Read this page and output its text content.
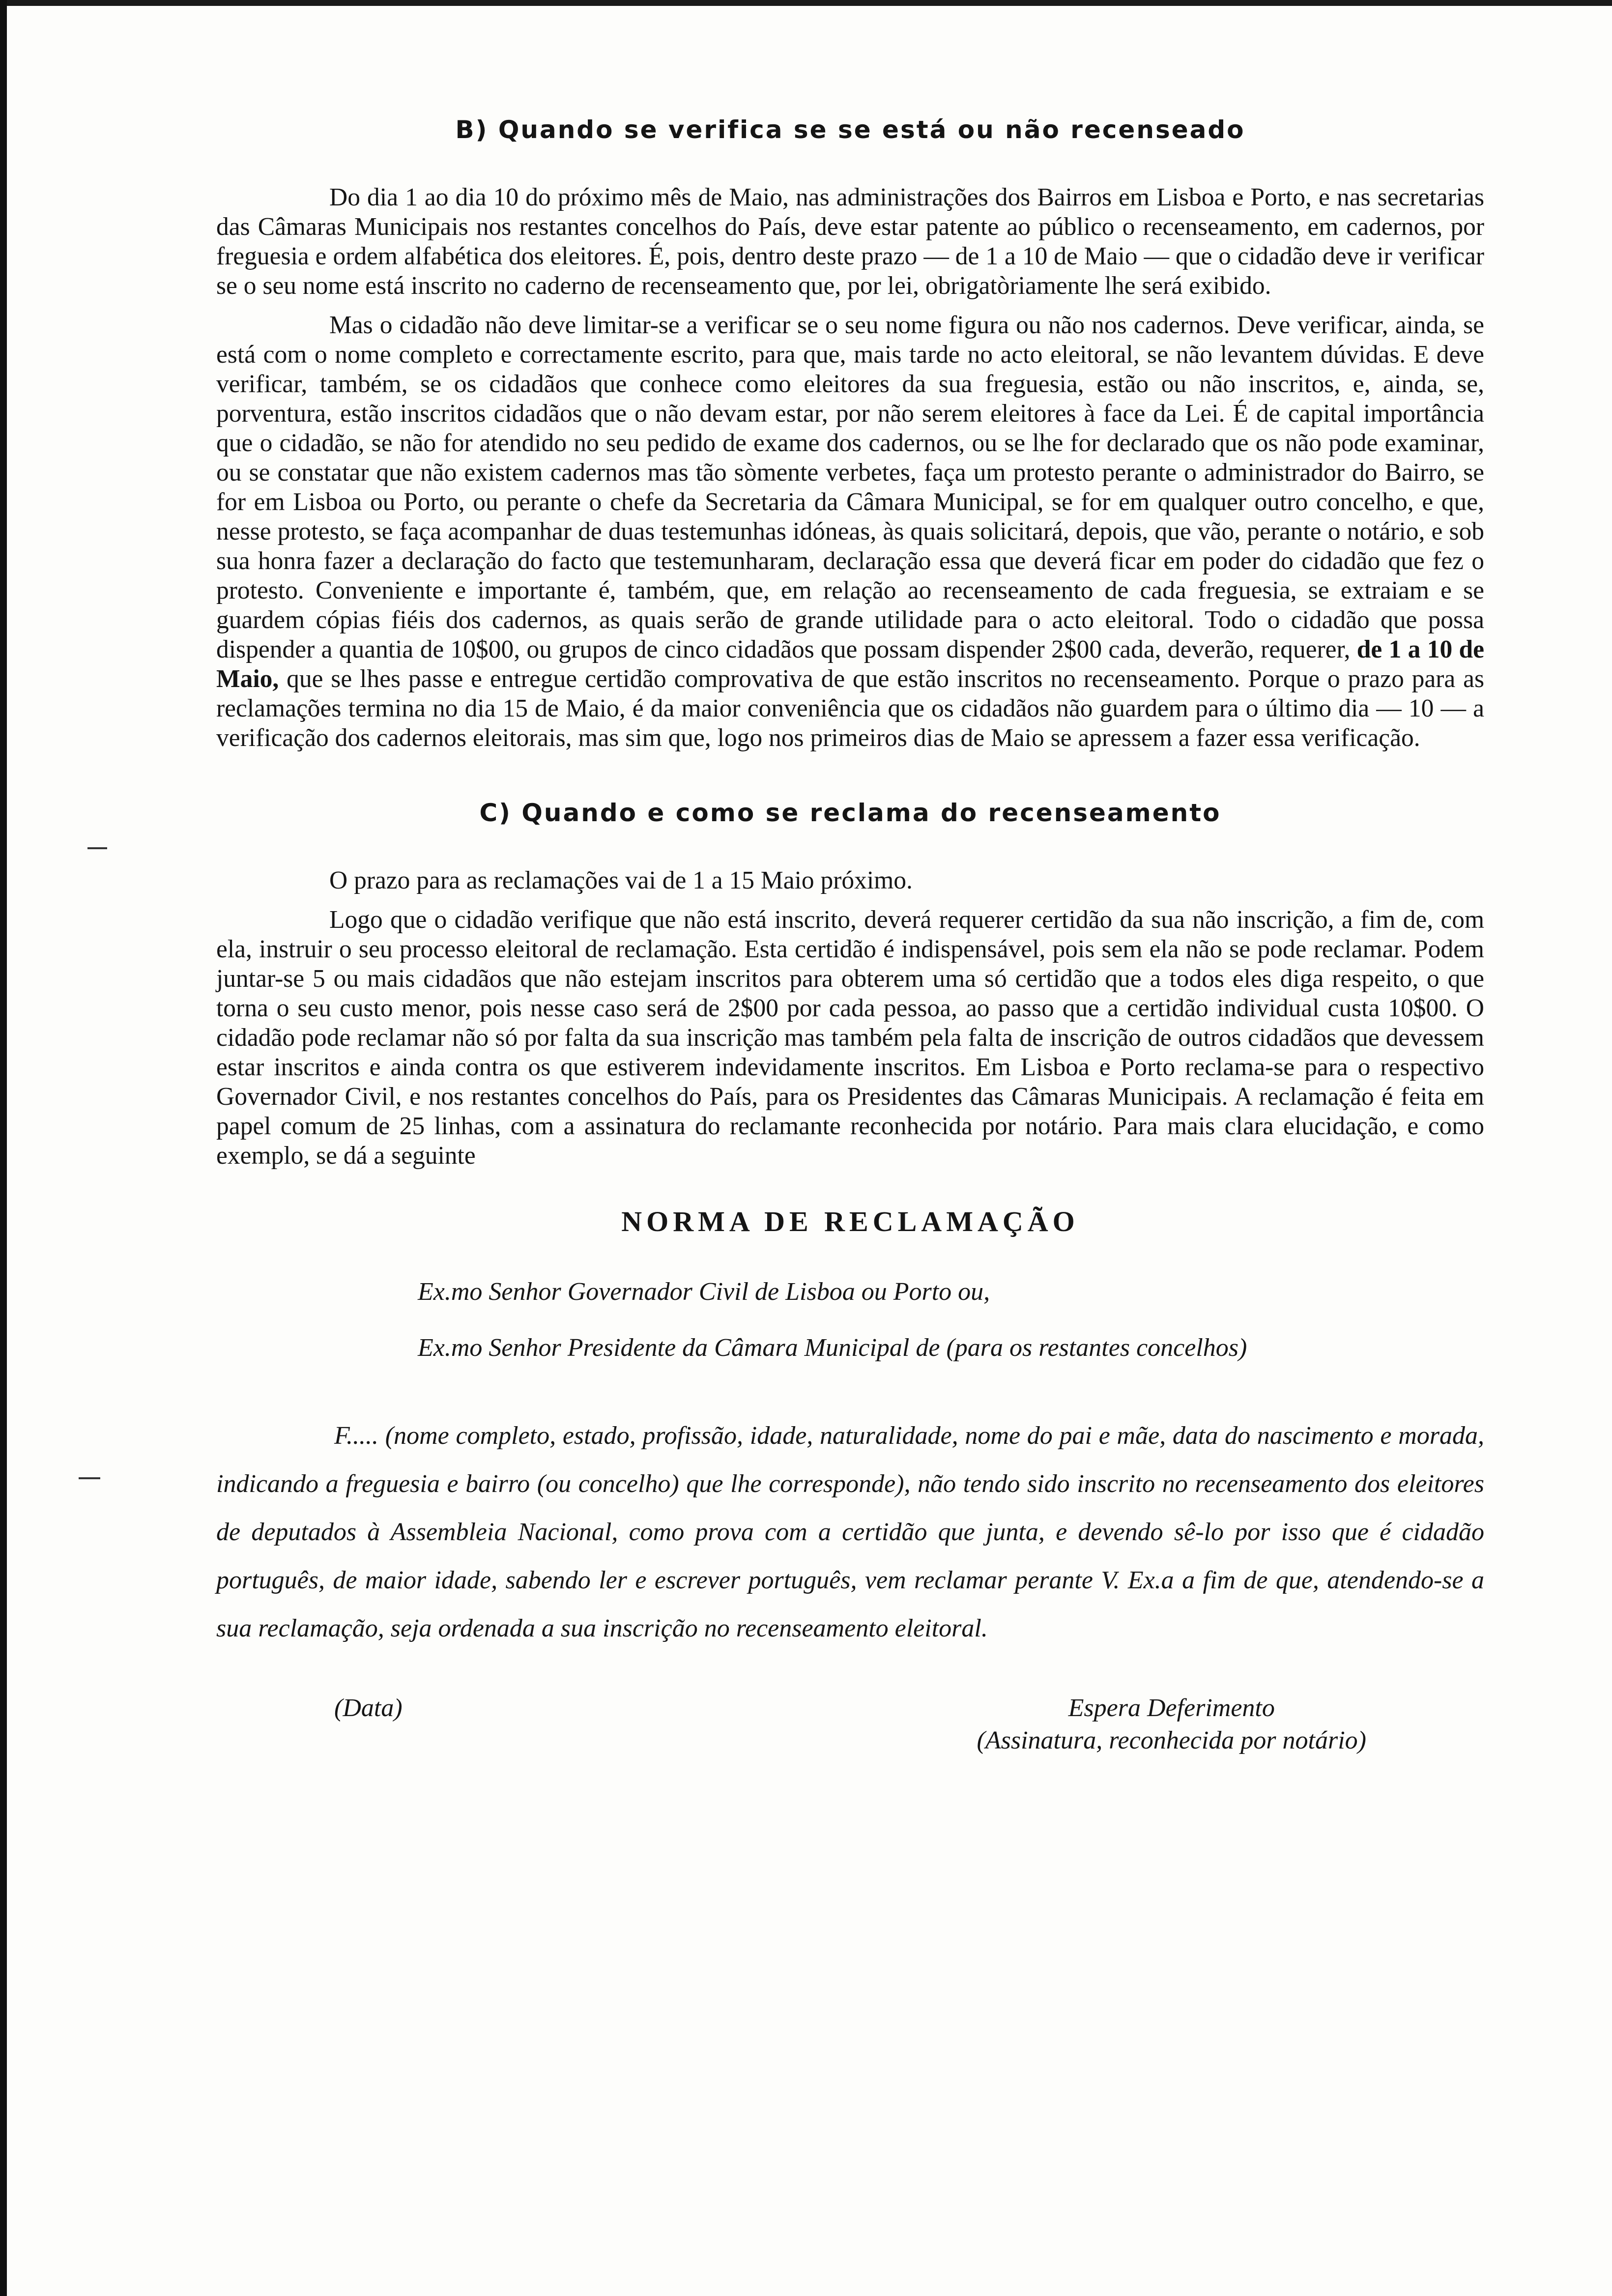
B) Quando se verifica se se está ou não recenseado

Do dia 1 ao dia 10 do próximo mês de Maio, nas administrações dos Bairros em Lisboa e Porto, e nas secretarias das Câmaras Municipais nos restantes concelhos do País, deve estar patente ao público o recenseamento, em cadernos, por freguesia e ordem alfabética dos eleitores. É, pois, dentro deste prazo — de 1 a 10 de Maio — que o cidadão deve ir verificar se o seu nome está inscrito no caderno de recenseamento que, por lei, obrigatòriamente lhe será exibido.

Mas o cidadão não deve limitar-se a verificar se o seu nome figura ou não nos cadernos. Deve verificar, ainda, se está com o nome completo e correctamente escrito, para que, mais tarde no acto eleitoral, se não levantem dúvidas. E deve verificar, também, se os cidadãos que conhece como eleitores da sua freguesia, estão ou não inscritos, e, ainda, se, porventura, estão inscritos cidadãos que o não devam estar, por não serem eleitores à face da Lei. É de capital importância que o cidadão, se não for atendido no seu pedido de exame dos cadernos, ou se lhe for declarado que os não pode examinar, ou se constatar que não existem cadernos mas tão sòmente verbetes, faça um protesto perante o administrador do Bairro, se for em Lisboa ou Porto, ou perante o chefe da Secretaria da Câmara Municipal, se for em qualquer outro concelho, e que, nesse protesto, se faça acompanhar de duas testemunhas idóneas, às quais solicitará, depois, que vão, perante o notário, e sob sua honra fazer a declaração do facto que testemunharam, declaração essa que deverá ficar em poder do cidadão que fez o protesto. Conveniente e importante é, também, que, em relação ao recenseamento de cada freguesia, se extraiam e se guardem cópias fiéis dos cadernos, as quais serão de grande utilidade para o acto eleitoral. Todo o cidadão que possa dispender a quantia de 10$00, ou grupos de cinco cidadãos que possam dispender 2$00 cada, deverão, requerer, de 1 a 10 de Maio, que se lhes passe e entregue certidão comprovativa de que estão inscritos no recenseamento. Porque o prazo para as reclamações termina no dia 15 de Maio, é da maior conveniência que os cidadãos não guardem para o último dia — 10 — a verificação dos cadernos eleitorais, mas sim que, logo nos primeiros dias de Maio se apressem a fazer essa verificação.

C) Quando e como se reclama do recenseamento

O prazo para as reclamações vai de 1 a 15 Maio próximo.

Logo que o cidadão verifique que não está inscrito, deverá requerer certidão da sua não inscrição, a fim de, com ela, instruir o seu processo eleitoral de reclamação. Esta certidão é indispensável, pois sem ela não se pode reclamar. Podem juntar-se 5 ou mais cidadãos que não estejam inscritos para obterem uma só certidão que a todos eles diga respeito, o que torna o seu custo menor, pois nesse caso será de 2$00 por cada pessoa, ao passo que a certidão individual custa 10$00. O cidadão pode reclamar não só por falta da sua inscrição mas também pela falta de inscrição de outros cidadãos que devessem estar inscritos e ainda contra os que estiverem indevidamente inscritos. Em Lisboa e Porto reclama-se para o respectivo Governador Civil, e nos restantes concelhos do País, para os Presidentes das Câmaras Municipais. A reclamação é feita em papel comum de 25 linhas, com a assinatura do reclamante reconhecida por notário. Para mais clara elucidação, e como exemplo, se dá a seguinte

NORMA DE RECLAMAÇÃO
Ex.mo Senhor Governador Civil de Lisboa ou Porto ou,
Ex.mo Senhor Presidente da Câmara Municipal de (para os restantes concelhos)

F..... (nome completo, estado, profissão, idade, naturalidade, nome do pai e mãe, data do nascimento e morada, indicando a freguesia e bairro (ou concelho) que lhe corresponde), não tendo sido inscrito no recenseamento dos eleitores de deputados à Assembleia Nacional, como prova com a certidão que junta, e devendo sê-lo por isso que é cidadão português, de maior idade, sabendo ler e escrever português, vem reclamar perante V. Ex.a a fim de que, atendendo-se a sua reclamação, seja ordenada a sua inscrição no recenseamento eleitoral.

(Data)	Espera Deferimento
(Assinatura, reconhecida por notário)
